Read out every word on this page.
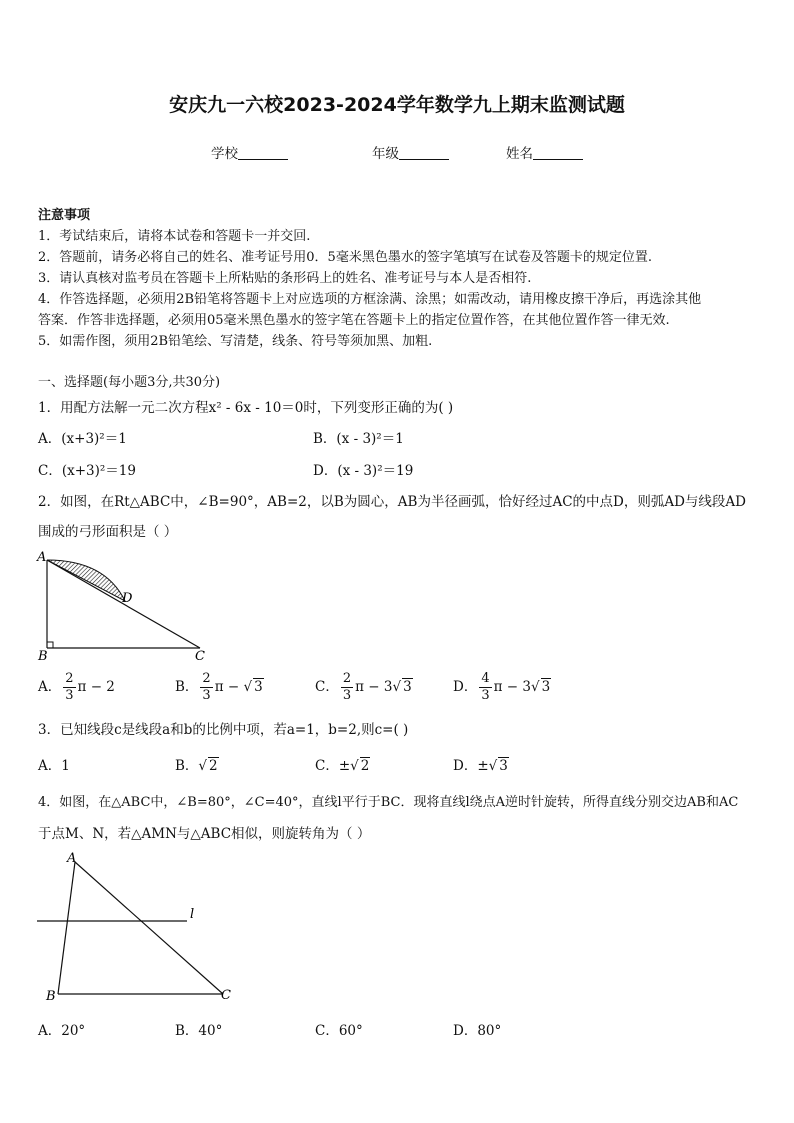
安庆九一六校2023-2024学年数学九上期末监测试题
学校	年级	姓名
注意事项
1．考试结束后，请将本试卷和答题卡一并交回.
2．答题前，请务必将自己的姓名、准考证号用0．5毫米黑色墨水的签字笔填写在试卷及答题卡的规定位置.
3．请认真核对监考员在答题卡上所粘贴的条形码上的姓名、准考证号与本人是否相符.
4．作答选择题，必须用2B铅笔将答题卡上对应选项的方框涂满、涂黑；如需改动，请用橡皮擦干净后，再选涂其他
答案．作答非选择题，必须用05毫米黑色墨水的签字笔在答题卡上的指定位置作答，在其他位置作答一律无效.
5．如需作图，须用2B铅笔绘、写清楚，线条、符号等须加黑、加粗.
一、选择题(每小题3分,共30分)
1．用配方法解一元二次方程x² - 6x - 10＝0时，下列变形正确的为( )
A．(x+3)²＝1	B．(x - 3)²＝1
C．(x+3)²＝19	D．(x - 3)²＝19
2．如图，在Rt△ABC中，∠B=90°，AB=2，以B为圆心，AB为半径画弧，恰好经过AC的中点D，则弧AD与线段AD
围成的弓形面积是（ ）
A
B	C
D
A． $\frac{2}{3}$ π − 2	B． $\frac{2}{3}$ π − √ 3	C． $\frac{2}{3}$ π − 3√ 3	D． $\frac{4}{3}$ π − 3√ 3
3．已知线段c是线段a和b的比例中项，若a=1，b=2,则c=( )
A．1	B．√ 2	C．±√ 2	D．±√ 3
4．如图，在△ABC中，∠B=80°，∠C=40°，直线l平行于BC．现将直线l绕点A逆时针旋转，所得直线分别交边AB和AC
于点M、N，若△AMN与△ABC相似，则旋转角为（ ）
A
B	C
l
A．20°	B．40°	C．60°	D．80°
